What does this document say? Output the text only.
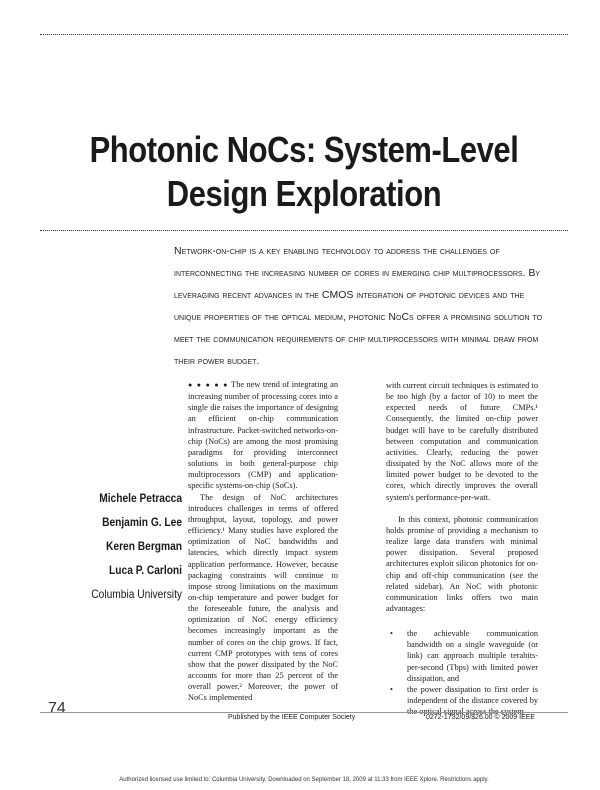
Photonic NoCs: System-Level
Design Exploration
Network-on-chip is a key enabling technology to address the challenges of interconnecting the increasing number of cores in emerging chip multiprocessors. By leveraging recent advances in the CMOS integration of photonic devices and the unique properties of the optical medium, photonic NoCs offer a promising solution to meet the communication requirements of chip multiprocessors with minimal draw from their power budget.
Michele Petracca
Benjamin G. Lee
Keren Bergman
Luca P. Carloni
Columbia University

● ● ● ● ● The new trend of integrating an increasing number of processing cores into a single die raises the importance of designing an efficient on-chip communication infrastructure. Packet-switched networks-on-chip (NoCs) are among the most promising paradigms for providing interconnect solutions in both general-purpose chip multiprocessors (CMP) and application-specific systems-on-chip (SoCs).

The design of NoC architectures introduces challenges in terms of offered throughput, layout, topology, and power efficiency.¹ Many studies have explored the optimization of NoC bandwidths and latencies, which directly impact system application performance. However, because packaging constraints will continue to impose strong limitations on the maximum on-chip temperature and power budget for the foreseeable future, the analysis and optimization of NoC energy efficiency becomes increasingly important as the number of cores on the chip grows. If fact, current CMP prototypes with tens of cores show that the power dissipated by the NoC accounts for more than 25 percent of the overall power.² Moreover, the power of NoCs implemented

with current circuit techniques is estimated to be too high (by a factor of 10) to meet the expected needs of future CMPs.¹ Consequently, the limited on-chip power budget will have to be carefully distributed between computation and communication activities. Clearly, reducing the power dissipated by the NoC allows more of the limited power budget to be devoted to the cores, which directly improves the overall system's performance-per-watt.

In this context, photonic communication holds promise of providing a mechanism to realize large data transfers with minimal power dissipation. Several proposed architectures exploit silicon photonics for on-chip and off-chip communication (see the related sidebar). An NoC with photonic communication links offers two main advantages:

• the achievable communication bandwidth on a single waveguide (or link) can approach multiple terabits-per-second (Tbps) with limited power dissipation, and
• the power dissipation to first order is independent of the distance covered by the optical signal across the system
74
Published by the IEEE Computer Society	0272-1732/09/$26.00 © 2009 IEEE
Authorized licensed use limited to: Columbia University. Downloaded on September 18, 2009 at 11:33 from IEEE Xplore. Restrictions apply.
